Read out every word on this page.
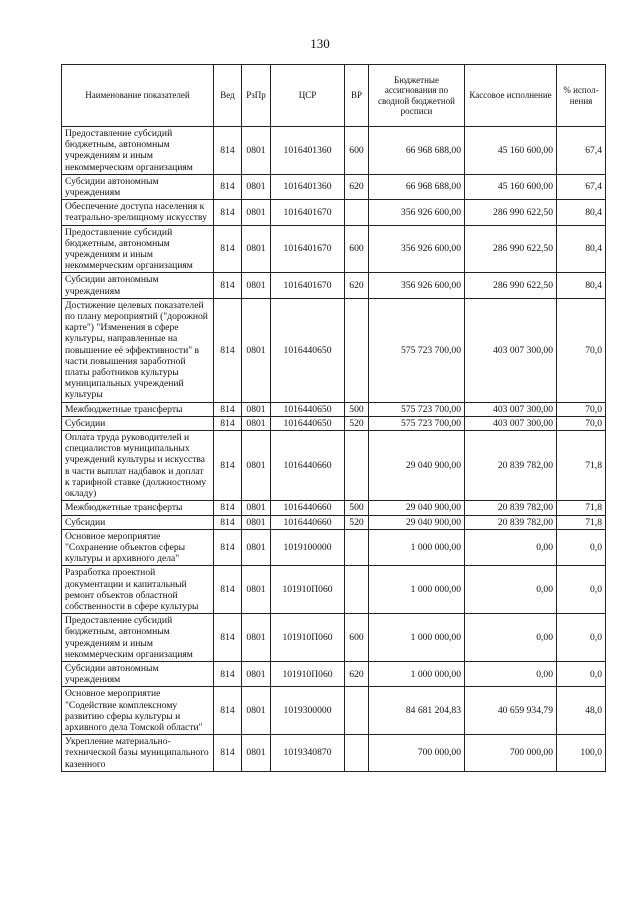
130
Наименование показателей	Вед	РзПр	ЦСР	ВР	Бюджетные ассигнования по сводной бюджетной росписи	Кассовое исполнение	% испол-нения
Предоставление субсидий бюджетным, автономным учреждениям и иным некоммерческим организациям	814	0801	1016401360	600	66 968 688,00	45 160 600,00	67,4
Субсидии автономным учреждениям	814	0801	1016401360	620	66 968 688,00	45 160 600,00	67,4
Обеспечение доступа населения к театрально-зрелищному искусству	814	0801	1016401670		356 926 600,00	286 990 622,50	80,4
Предоставление субсидий бюджетным, автономным учреждениям и иным некоммерческим организациям	814	0801	1016401670	600	356 926 600,00	286 990 622,50	80,4
Субсидии автономным учреждениям	814	0801	1016401670	620	356 926 600,00	286 990 622,50	80,4
Достижение целевых показателей по плану мероприятий ("дорожной карте") "Изменения в сфере культуры, направленные на повышение её эффективности" в части повышения заработной платы работников культуры муниципальных учреждений культуры	814	0801	1016440650		575 723 700,00	403 007 300,00	70,0
Межбюджетные трансферты	814	0801	1016440650	500	575 723 700,00	403 007 300,00	70,0
Субсидии	814	0801	1016440650	520	575 723 700,00	403 007 300,00	70,0
Оплата труда руководителей и специалистов муниципальных учреждений культуры и искусства в части выплат надбавок и доплат к тарифной ставке (должностному окладу)	814	0801	1016440660		29 040 900,00	20 839 782,00	71,8
Межбюджетные трансферты	814	0801	1016440660	500	29 040 900,00	20 839 782,00	71,8
Субсидии	814	0801	1016440660	520	29 040 900,00	20 839 782,00	71,8
Основное мероприятие "Сохранение объектов сферы культуры и архивного дела"	814	0801	1019100000		1 000 000,00	0,00	0,0
Разработка проектной документации и капитальный ремонт объектов областной собственности в сфере культуры	814	0801	101910П060		1 000 000,00	0,00	0,0
Предоставление субсидий бюджетным, автономным учреждениям и иным некоммерческим организациям	814	0801	101910П060	600	1 000 000,00	0,00	0,0
Субсидии автономным учреждениям	814	0801	101910П060	620	1 000 000,00	0,00	0,0
Основное мероприятие "Содействие комплексному развитию сферы культуры и архивного дела Томской области"	814	0801	1019300000		84 681 204,83	40 659 934,79	48,0
Укрепление материально-технической базы муниципального казенного	814	0801	1019340870		700 000,00	700 000,00	100,0
